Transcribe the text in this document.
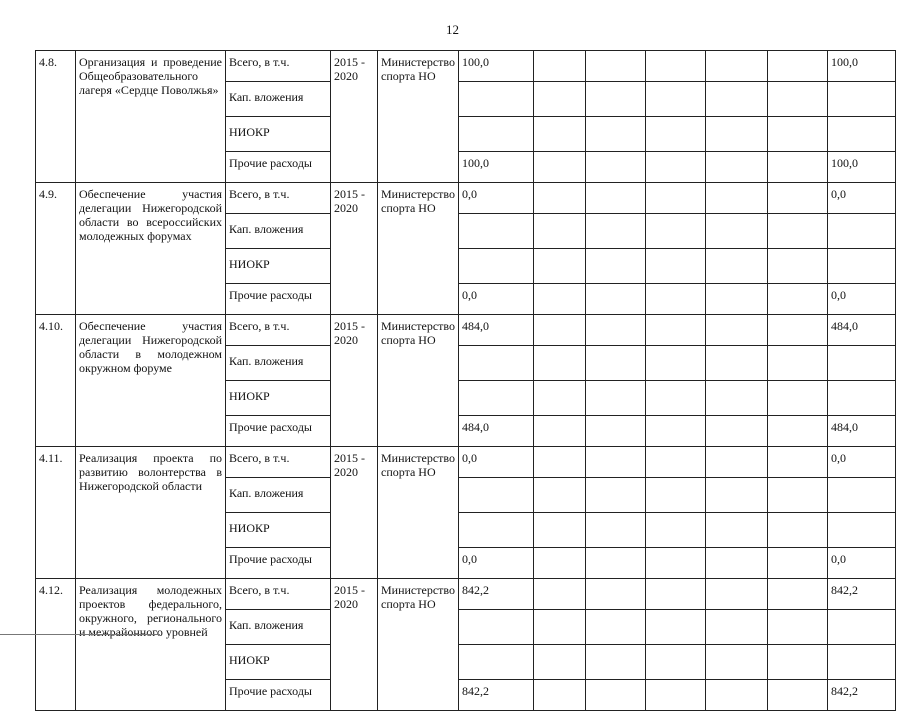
12
4.8.	Организация и проведение Общеобразовательного лагеря «Сердце Поволжья»	Всего, в т.ч.	2015 - 2020	Министерство спорта НО	100,0						100,0
		Кап. вложения									
		НИОКР									
		Прочие расходы			100,0						100,0
4.9.	Обеспечение участия делегации Нижегородской области во всероссийских молодежных форумах	Всего, в т.ч.	2015 - 2020	Министерство спорта НО	0,0						0,0
		Кап. вложения									
		НИОКР									
		Прочие расходы			0,0						0,0
4.10.	Обеспечение участия делегации Нижегородской области в молодежном окружном форуме	Всего, в т.ч.	2015 - 2020	Министерство спорта НО	484,0						484,0
		Кап. вложения									
		НИОКР									
		Прочие расходы			484,0						484,0
4.11.	Реализация проекта по развитию волонтерства в Нижегородской области	Всего, в т.ч.	2015 - 2020	Министерство спорта НО	0,0						0,0
		Кап. вложения									
		НИОКР									
		Прочие расходы			0,0						0,0
4.12.	Реализация молодежных проектов федерального, окружного, регионального и межрайонного уровней	Всего, в т.ч.	2015 - 2020	Министерство спорта НО	842,2						842,2
		Кап. вложения									
		НИОКР									
		Прочие расходы			842,2						842,2
